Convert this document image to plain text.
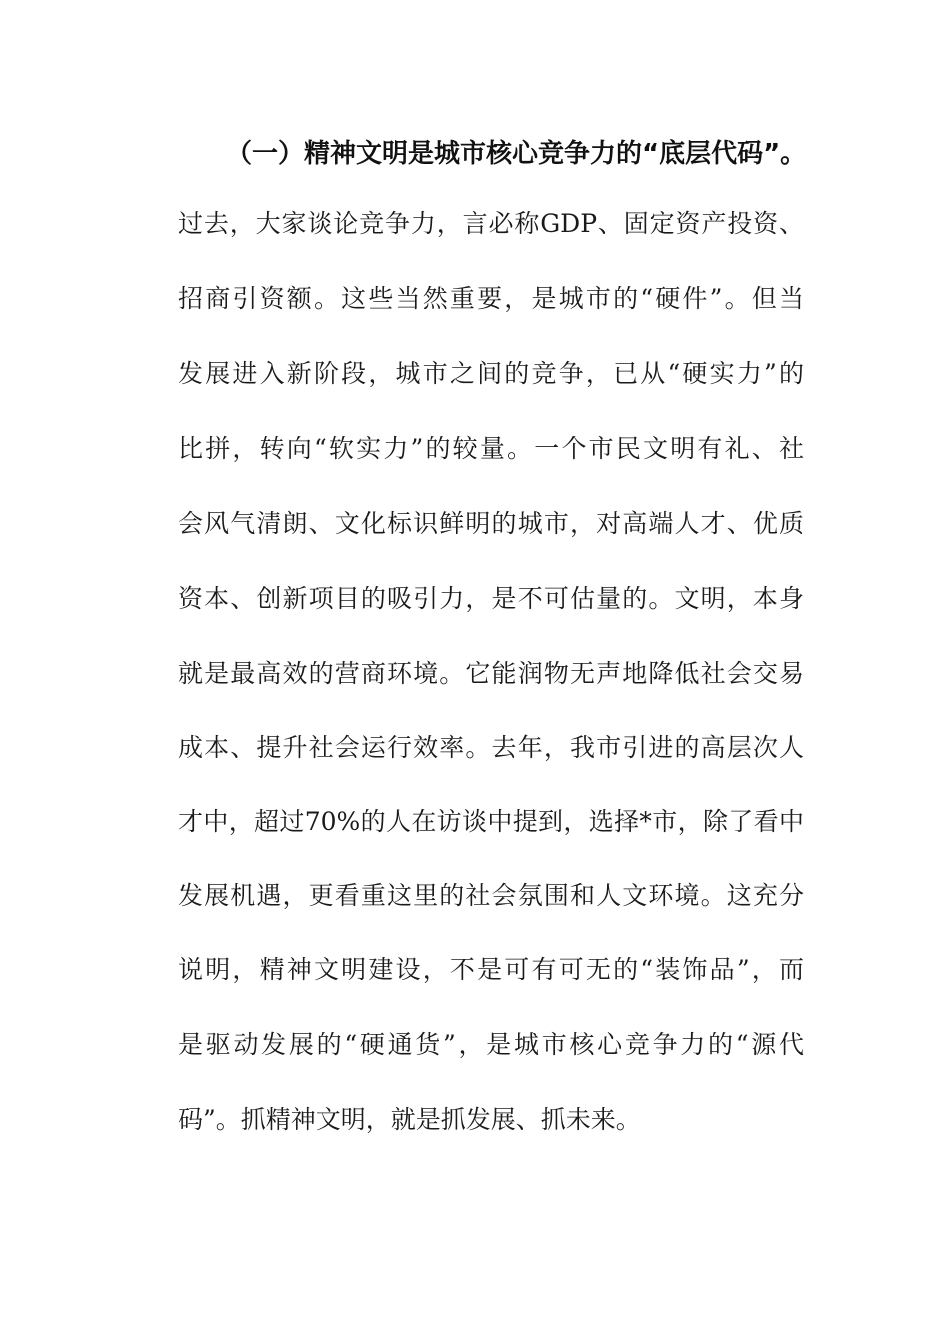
（一）精神文明是城市核心竞争力的“底层代码”。
过去，大家谈论竞争力，言必称GDP、固定资产投资、
招商引资额。这些当然重要，是城市的“硬件”。但当
发展进入新阶段，城市之间的竞争，已从“硬实力”的
比拼，转向“软实力”的较量。一个市民文明有礼、社
会风气清朗、文化标识鲜明的城市，对高端人才、优质
资本、创新项目的吸引力，是不可估量的。文明，本身
就是最高效的营商环境。它能润物无声地降低社会交易
成本、提升社会运行效率。去年，我市引进的高层次人
才中，超过70%的人在访谈中提到，选择*市，除了看中
发展机遇，更看重这里的社会氛围和人文环境。这充分
说明，精神文明建设，不是可有可无的“装饰品”，而
是驱动发展的“硬通货”，是城市核心竞争力的“源代
码”。抓精神文明，就是抓发展、抓未来。
